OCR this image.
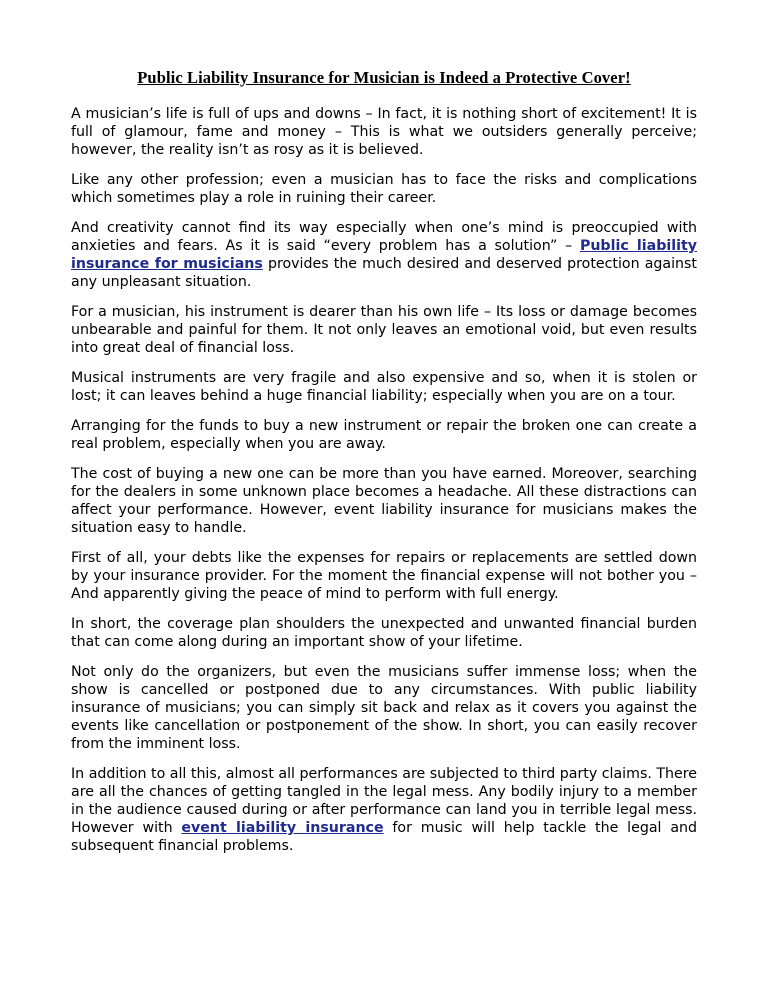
Public Liability Insurance for Musician is Indeed a Protective Cover!

A musician’s life is full of ups and downs – In fact, it is nothing short of excitement! It is full of glamour, fame and money – This is what we outsiders generally perceive; however, the reality isn’t as rosy as it is believed.

Like any other profession; even a musician has to face the risks and complications which sometimes play a role in ruining their career.

And creativity cannot find its way especially when one’s mind is preoccupied with anxieties and fears. As it is said “every problem has a solution” – Public liability insurance for musicians provides the much desired and deserved protection against any unpleasant situation.

For a musician, his instrument is dearer than his own life – Its loss or damage becomes unbearable and painful for them. It not only leaves an emotional void, but even results into great deal of financial loss.

Musical instruments are very fragile and also expensive and so, when it is stolen or lost; it can leaves behind a huge financial liability; especially when you are on a tour.

Arranging for the funds to buy a new instrument or repair the broken one can create a real problem, especially when you are away.

The cost of buying a new one can be more than you have earned. Moreover, searching for the dealers in some unknown place becomes a headache. All these distractions can affect your performance. However, event liability insurance for musicians makes the situation easy to handle.

First of all, your debts like the expenses for repairs or replacements are settled down by your insurance provider. For the moment the financial expense will not bother you – And apparently giving the peace of mind to perform with full energy.

In short, the coverage plan shoulders the unexpected and unwanted financial burden that can come along during an important show of your lifetime.

Not only do the organizers, but even the musicians suffer immense loss; when the show is cancelled or postponed due to any circumstances. With public liability insurance of musicians; you can simply sit back and relax as it covers you against the events like cancellation or postponement of the show. In short, you can easily recover from the imminent loss.

In addition to all this, almost all performances are subjected to third party claims. There are all the chances of getting tangled in the legal mess. Any bodily injury to a member in the audience caused during or after performance can land you in terrible legal mess. However with event liability insurance for music will help tackle the legal and subsequent financial problems.
